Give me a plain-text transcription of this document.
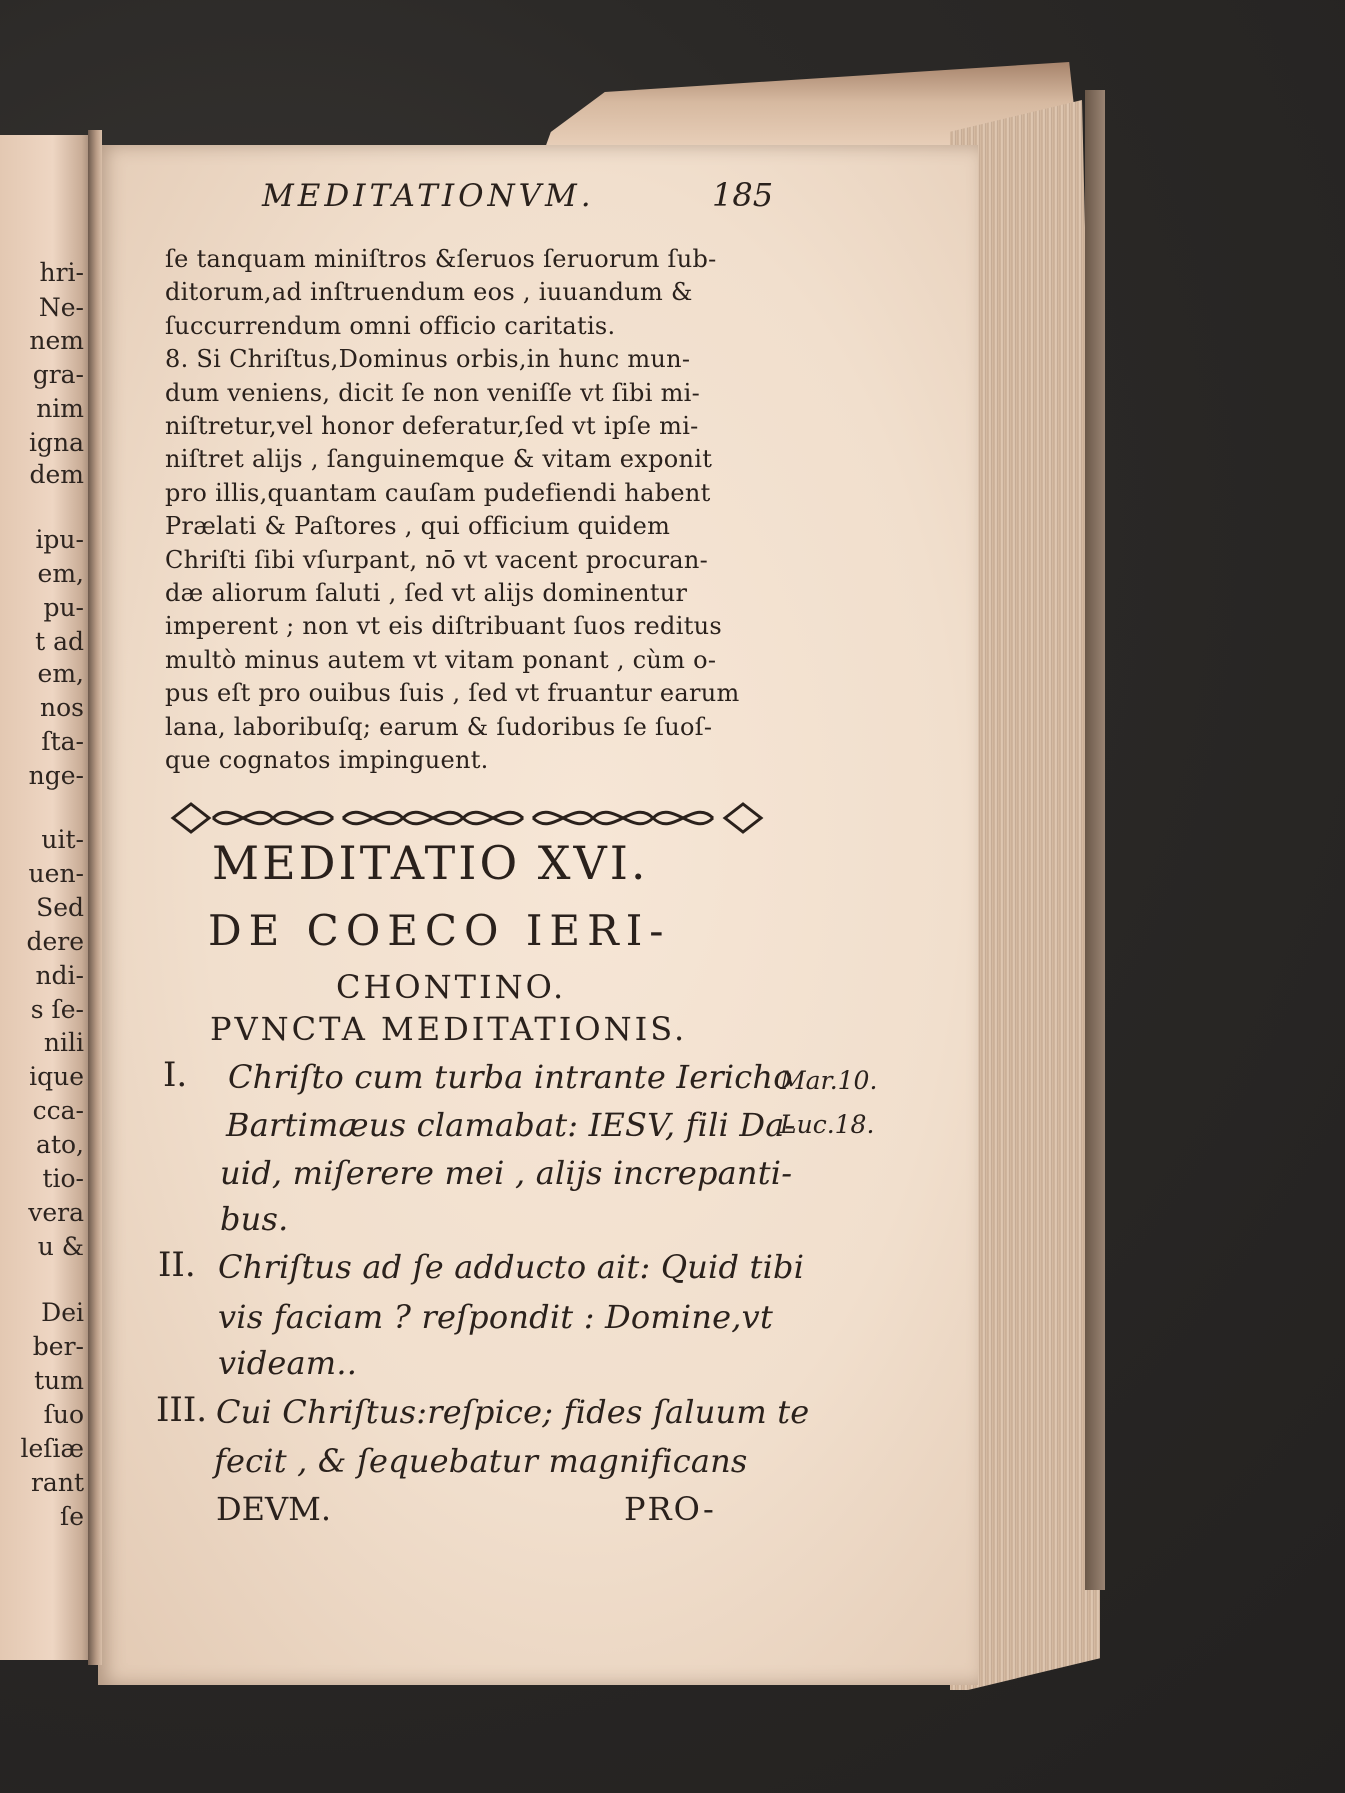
hri-
Ne-
nem
gra-
nim
igna
dem
ipu-
em,
pu-
t ad
em,
nos
ſta-
nge-
uit-
uen-
Sed
dere
ndi-
s ſe-
nili
ique
cca-
ato,
tio-
vera
u &
Dei
ber-
tum
ſuo
leſiæ
rant
ſe
MEDITATIONVM.	185
ſe tanquam miniſtros &ſeruos ſeruorum ſub-
ditorum,ad inſtruendum eos , iuuandum &
ſuccurrendum omni officio caritatis.
8. Si Chriſtus,Dominus orbis,in hunc mun-
dum veniens, dicit ſe non veniſſe vt ſibi mi-
niſtretur,vel honor deferatur,ſed vt ipſe mi-
niſtret aliјs , ſanguinemque & vitam exponit
pro illis,quantam cauſam pudefiendi habent
Prælati & Paſtores , qui officium quidem
Chriſti ſibi vſurpant, nō vt vacent procuran-
dæ aliorum ſaluti , ſed vt aliјs dominentur
imperent ; non vt eis diſtribuant ſuos reditus
multò minus autem vt vitam ponant , cùm o-
pus eſt pro ouibus ſuis , ſed vt fruantur earum
lana, laboribuſq; earum & ſudoribus ſe ſuoſ-
que cognatos impinguent.
MEDITATIO XVI.
DE COECO IERI-
CHONTINO.
PVNCTA MEDITATIONIS.
I. Chriſto cum turba intrante Iericho
Bartimæus clamabat: IESV, fili Da-
uid, miſerere mei , aliјs increpanti-
bus.
II. Chriſtus ad ſe adducto ait: Quid tibi
vis faciam ? reſpondit : Domine,vt
videam..
III. Cui Chriſtus:reſpice; fides ſaluum te
fecit , & ſequebatur magnificans
DEVM.	PRO-
Mar.10.
Luc.18.
